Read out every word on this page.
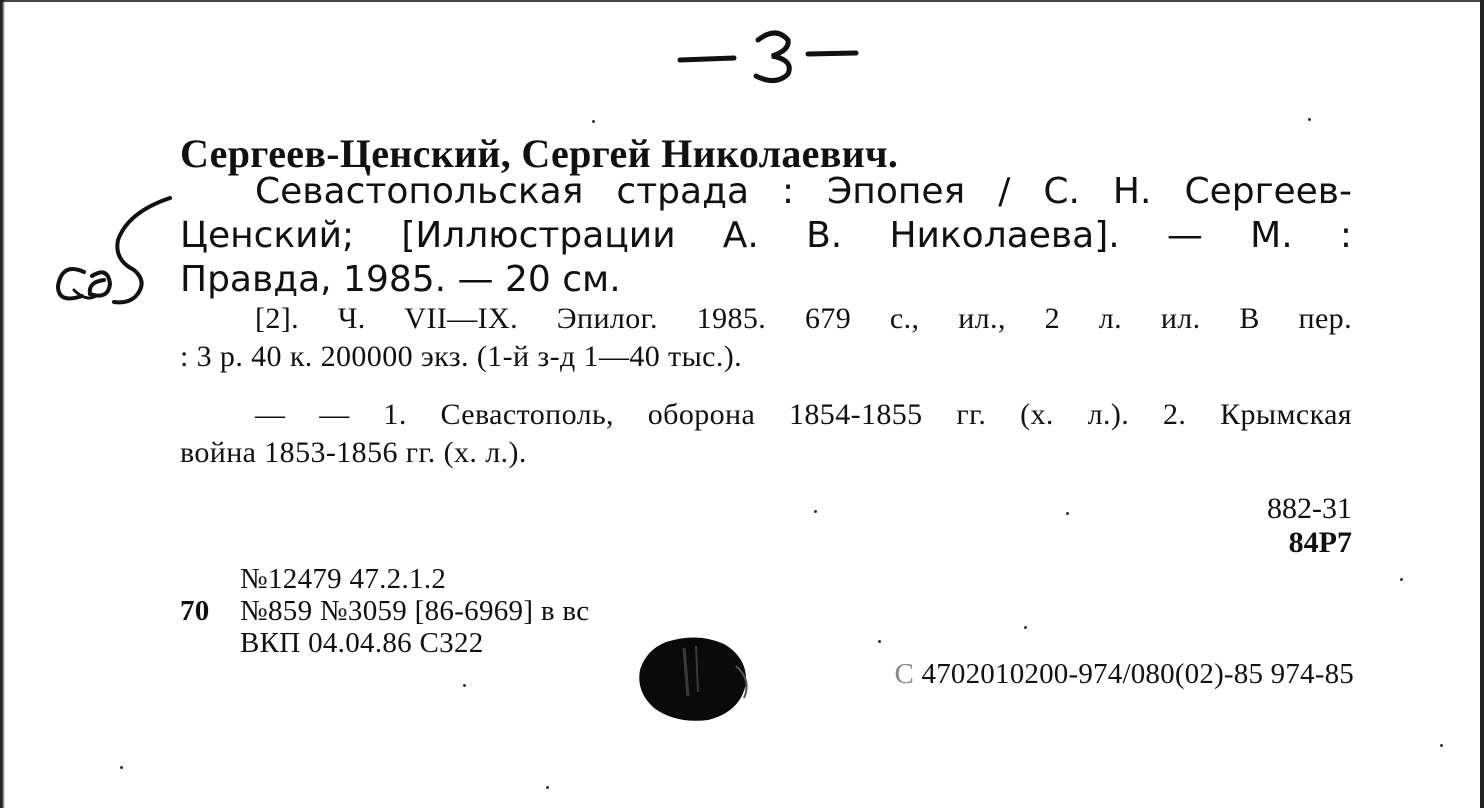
Сергеев-Ценский, Сергей Николаевич.
Севастопольская страда : Эпопея / С. Н. Сергеев-
Ценский; [Иллюстрации А. В. Николаева]. — М. :
Правда, 1985. — 20 см.
[2]. Ч. VII—IX. Эпилог. 1985. 679 с., ил., 2 л. ил. В пер.
: 3 р. 40 к. 200000 экз. (1-й з-д 1—40 тыс.).
— — 1. Севастополь, оборона 1854-1855 гг. (х. л.). 2. Крымская
война 1853-1856 гг. (х. л.).
882-31
84Р7
№12479 47.2.1.2
70 №859 №3059 [86-6969] в вс
ВКП 04.04.86 С322
С 4702010200-974/080(02)-85 974-85
